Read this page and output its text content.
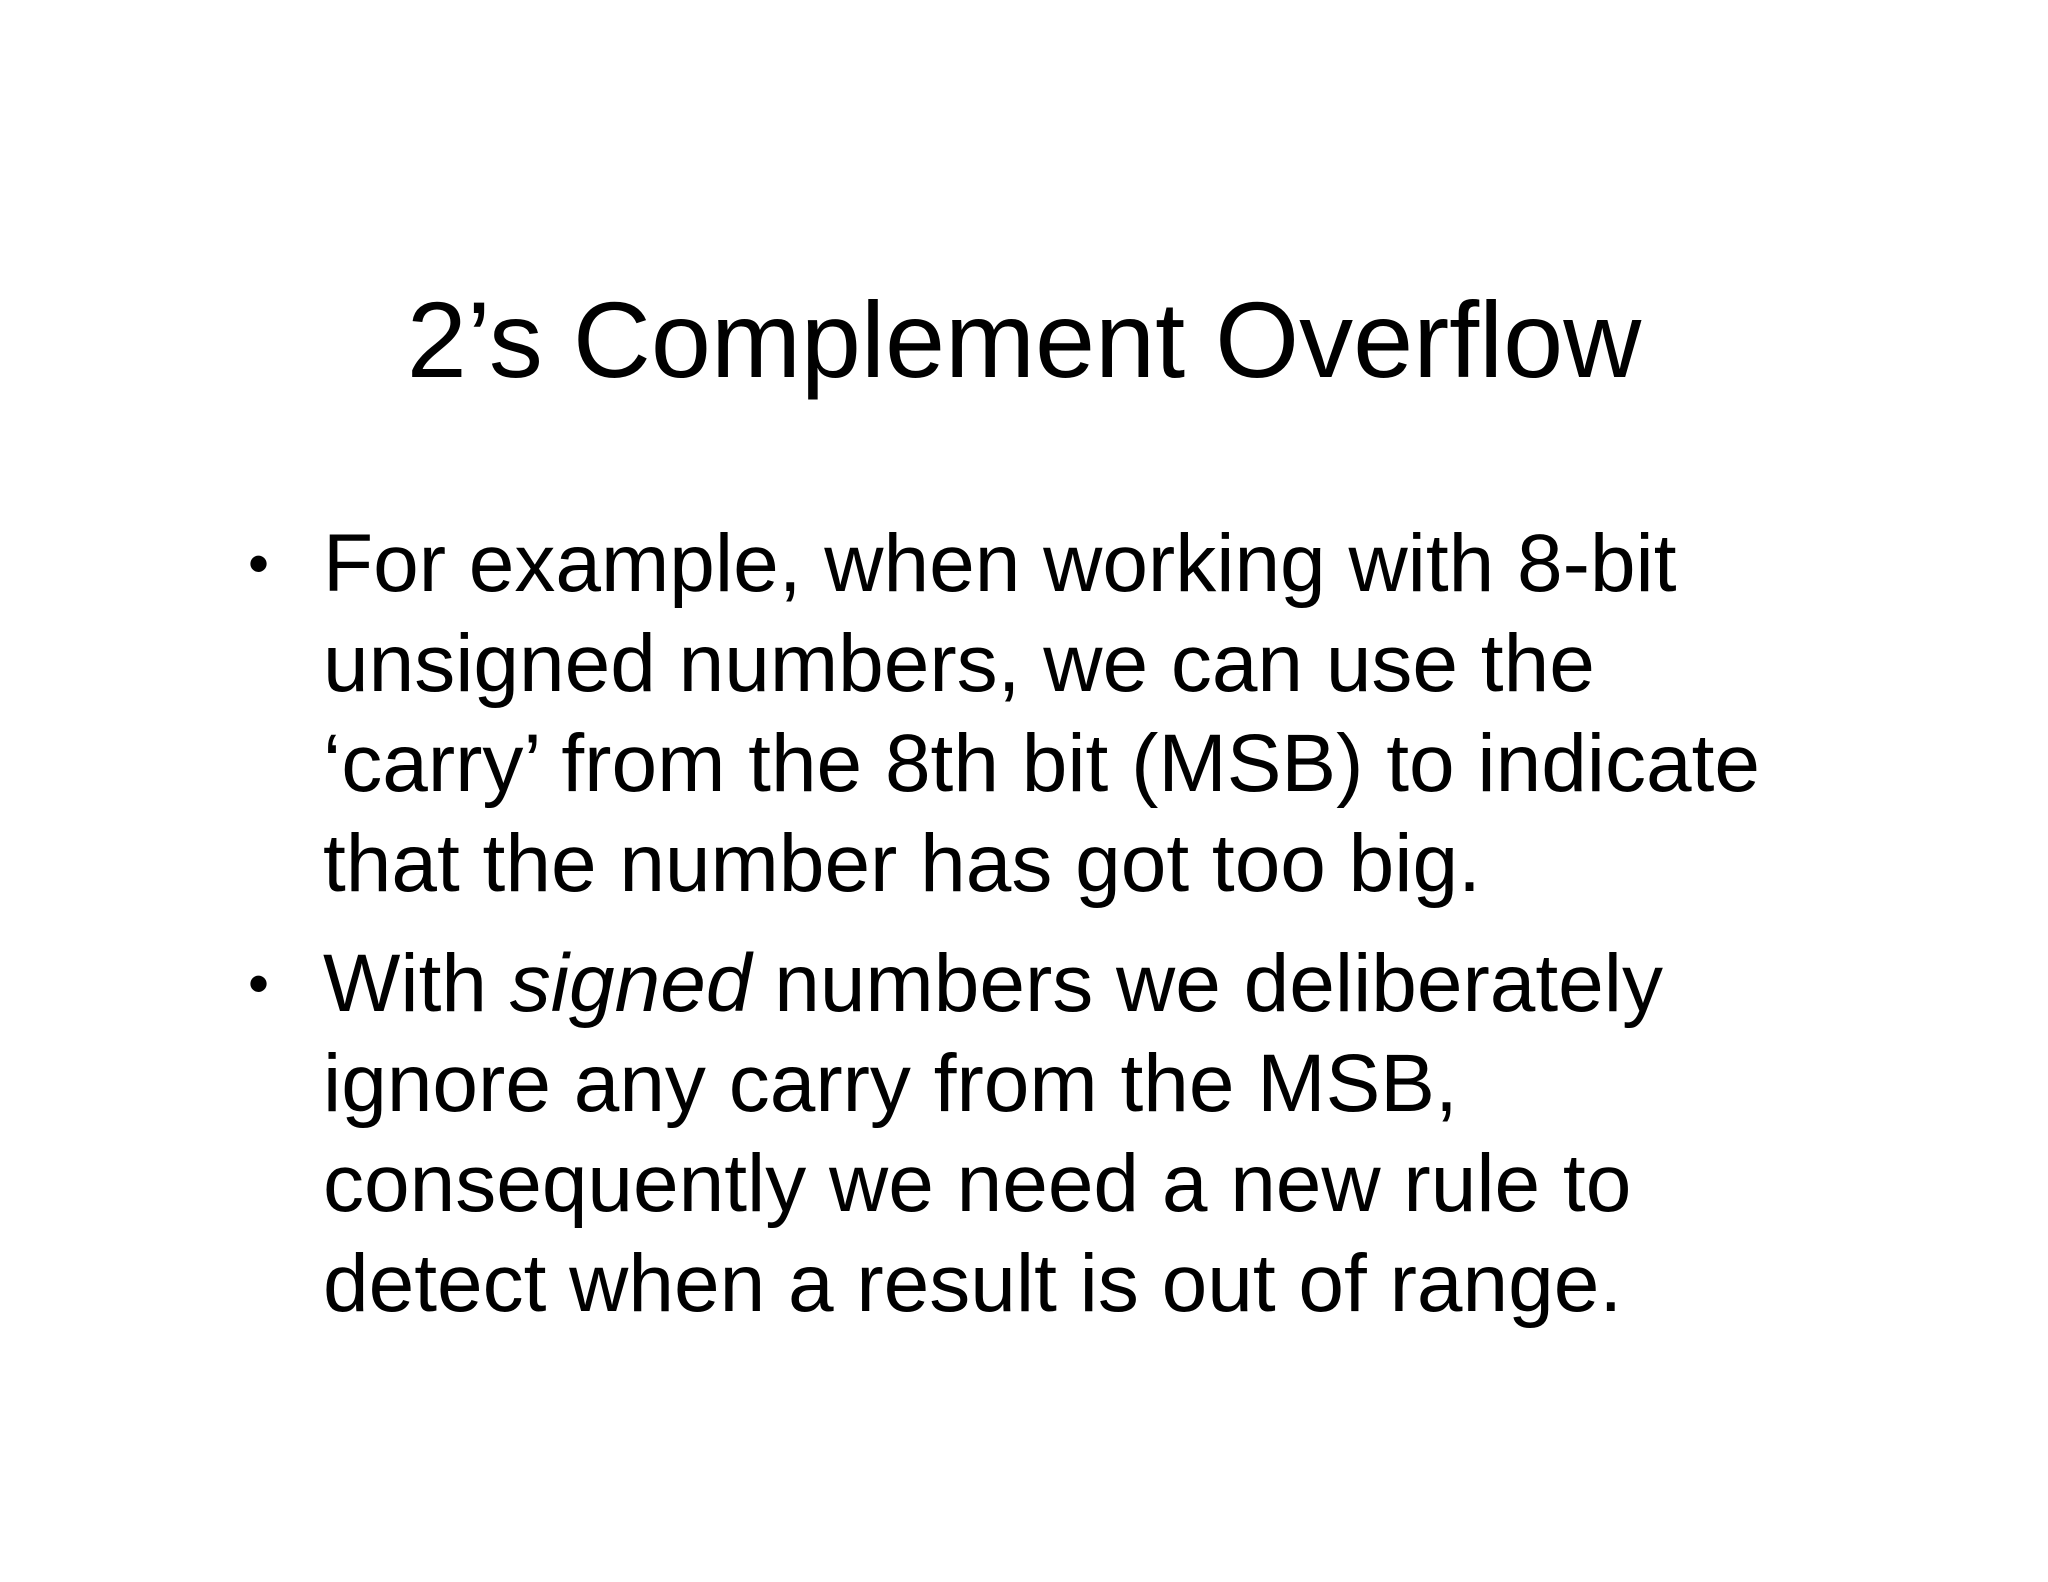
2’s Complement Overflow
• For example, when working with 8-bit
unsigned numbers, we can use the
‘carry’ from the 8th bit (MSB) to indicate
that the number has got too big.
• With signed numbers we deliberately
ignore any carry from the MSB,
consequently we need a new rule to
detect when a result is out of range.
